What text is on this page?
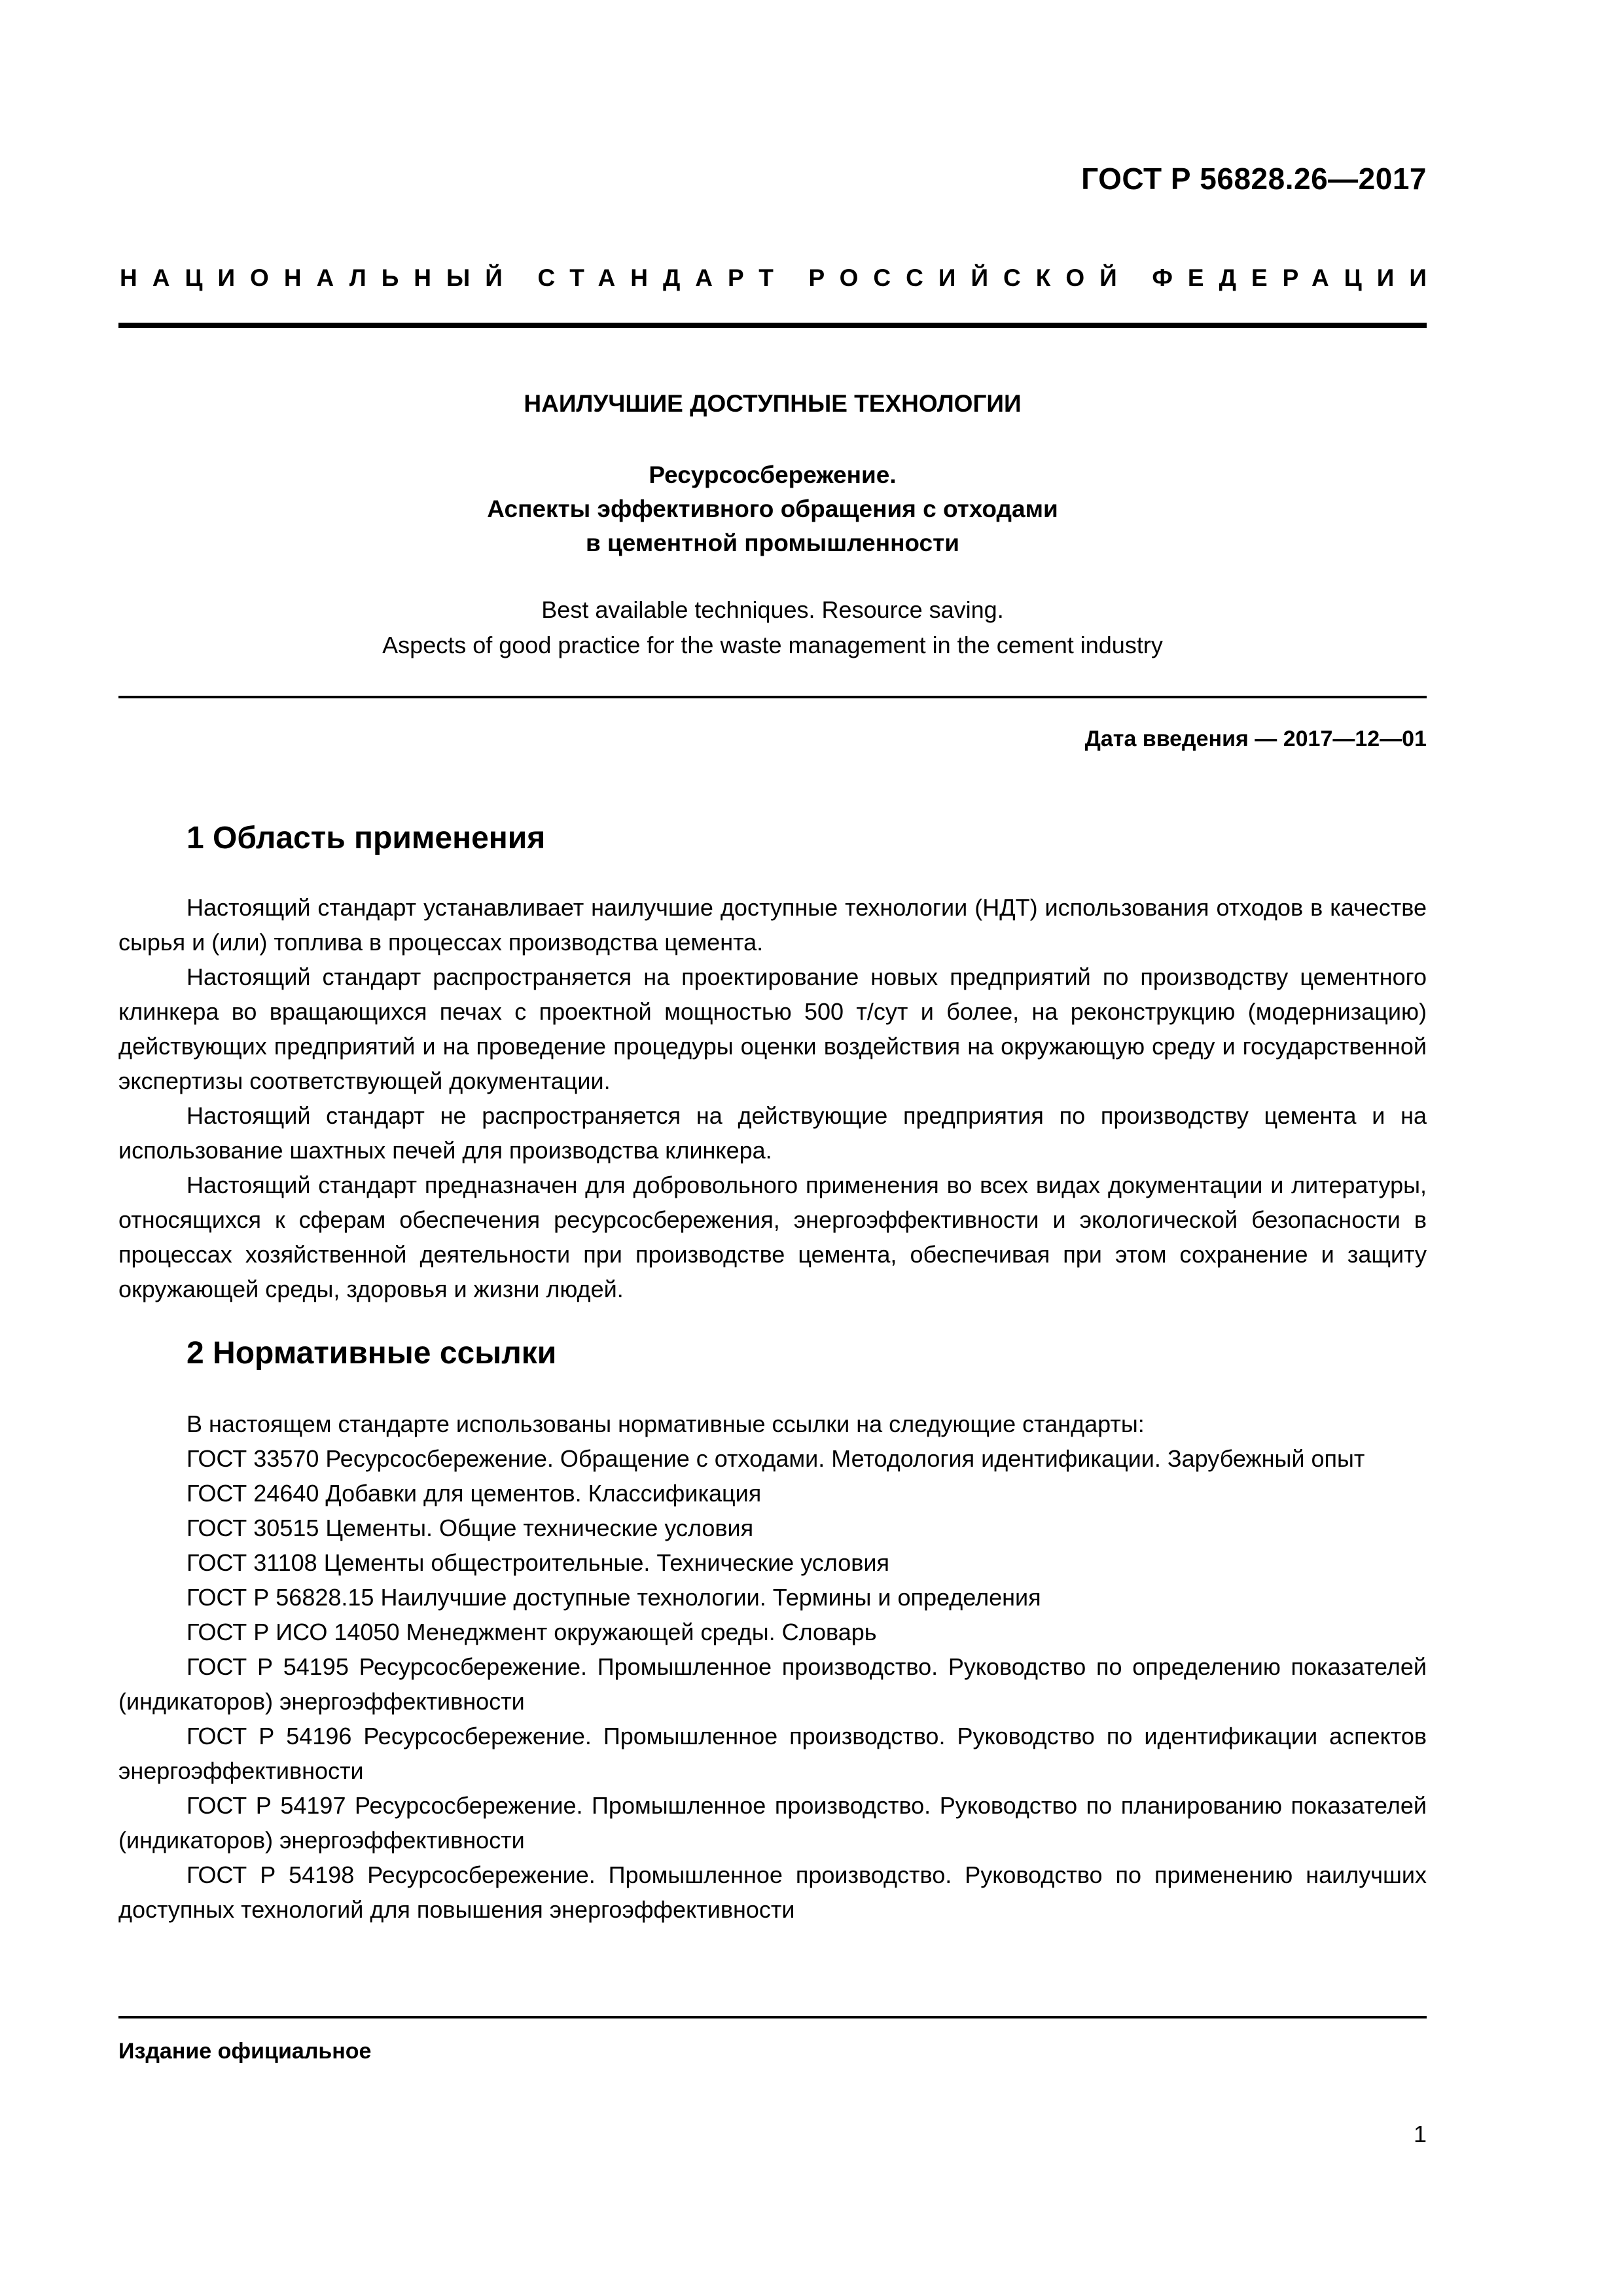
ГОСТ Р 56828.26—2017
НАЦИОНАЛЬНЫЙ СТАНДАРТ РОССИЙСКОЙ ФЕДЕРАЦИИ
НАИЛУЧШИЕ ДОСТУПНЫЕ ТЕХНОЛОГИИ
Ресурсосбережение.
Аспекты эффективного обращения с отходами
в цементной промышленности
Best available techniques. Resource saving.
Aspects of good practice for the waste management in the cement industry
Дата введения — 2017—12—01
1 Область применения

Настоящий стандарт устанавливает наилучшие доступные технологии (НДТ) использования отходов в качестве сырья и (или) топлива в процессах производства цемента.

Настоящий стандарт распространяется на проектирование новых предприятий по производству цементного клинкера во вращающихся печах с проектной мощностью 500 т/сут и более, на реконструкцию (модернизацию) действующих предприятий и на проведение процедуры оценки воздействия на окружающую среду и государственной экспертизы соответствующей документации.

Настоящий стандарт не распространяется на действующие предприятия по производству цемента и на использование шахтных печей для производства клинкера.

Настоящий стандарт предназначен для добровольного применения во всех видах документации и литературы, относящихся к сферам обеспечения ресурсосбережения, энергоэффективности и экологической безопасности в процессах хозяйственной деятельности при производстве цемента, обеспечивая при этом сохранение и защиту окружающей среды, здоровья и жизни людей.

2 Нормативные ссылки

В настоящем стандарте использованы нормативные ссылки на следующие стандарты:

ГОСТ 33570 Ресурсосбережение. Обращение с отходами. Методология идентификации. Зарубежный опыт

ГОСТ 24640 Добавки для цементов. Классификация

ГОСТ 30515 Цементы. Общие технические условия

ГОСТ 31108 Цементы общестроительные. Технические условия

ГОСТ Р 56828.15 Наилучшие доступные технологии. Термины и определения

ГОСТ Р ИСО 14050 Менеджмент окружающей среды. Словарь

ГОСТ Р 54195 Ресурсосбережение. Промышленное производство. Руководство по определению показателей (индикаторов) энергоэффективности

ГОСТ Р 54196 Ресурсосбережение. Промышленное производство. Руководство по идентификации аспектов энергоэффективности

ГОСТ Р 54197 Ресурсосбережение. Промышленное производство. Руководство по планированию показателей (индикаторов) энергоэффективности

ГОСТ Р 54198 Ресурсосбережение. Промышленное производство. Руководство по применению наилучших доступных технологий для повышения энергоэффективности

Издание официальное
1
